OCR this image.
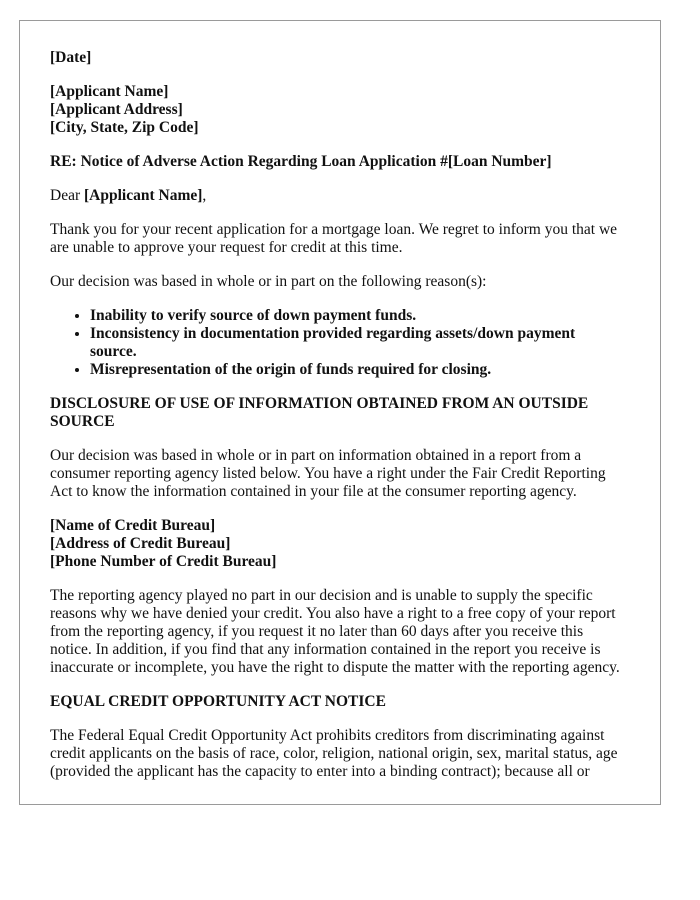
[Date]

[Applicant Name]
[Applicant Address]
[City, State, Zip Code]

RE: Notice of Adverse Action Regarding Loan Application #[Loan Number]

Dear [Applicant Name],

Thank you for your recent application for a mortgage loan. We regret to inform you that we are unable to approve your request for credit at this time.

Our decision was based in whole or in part on the following reason(s):

• Inability to verify source of down payment funds.
• Inconsistency in documentation provided regarding assets/down payment source.
• Misrepresentation of the origin of funds required for closing.
DISCLOSURE OF USE OF INFORMATION OBTAINED FROM AN OUTSIDE SOURCE

Our decision was based in whole or in part on information obtained in a report from a consumer reporting agency listed below. You have a right under the Fair Credit Reporting Act to know the information contained in your file at the consumer reporting agency.

[Name of Credit Bureau]
[Address of Credit Bureau]
[Phone Number of Credit Bureau]

The reporting agency played no part in our decision and is unable to supply the specific reasons why we have denied your credit. You also have a right to a free copy of your report from the reporting agency, if you request it no later than 60 days after you receive this notice. In addition, if you find that any information contained in the report you receive is inaccurate or incomplete, you have the right to dispute the matter with the reporting agency.

EQUAL CREDIT OPPORTUNITY ACT NOTICE

The Federal Equal Credit Opportunity Act prohibits creditors from discriminating against credit applicants on the basis of race, color, religion, national origin, sex, marital status, age (provided the applicant has the capacity to enter into a binding contract); because all or
